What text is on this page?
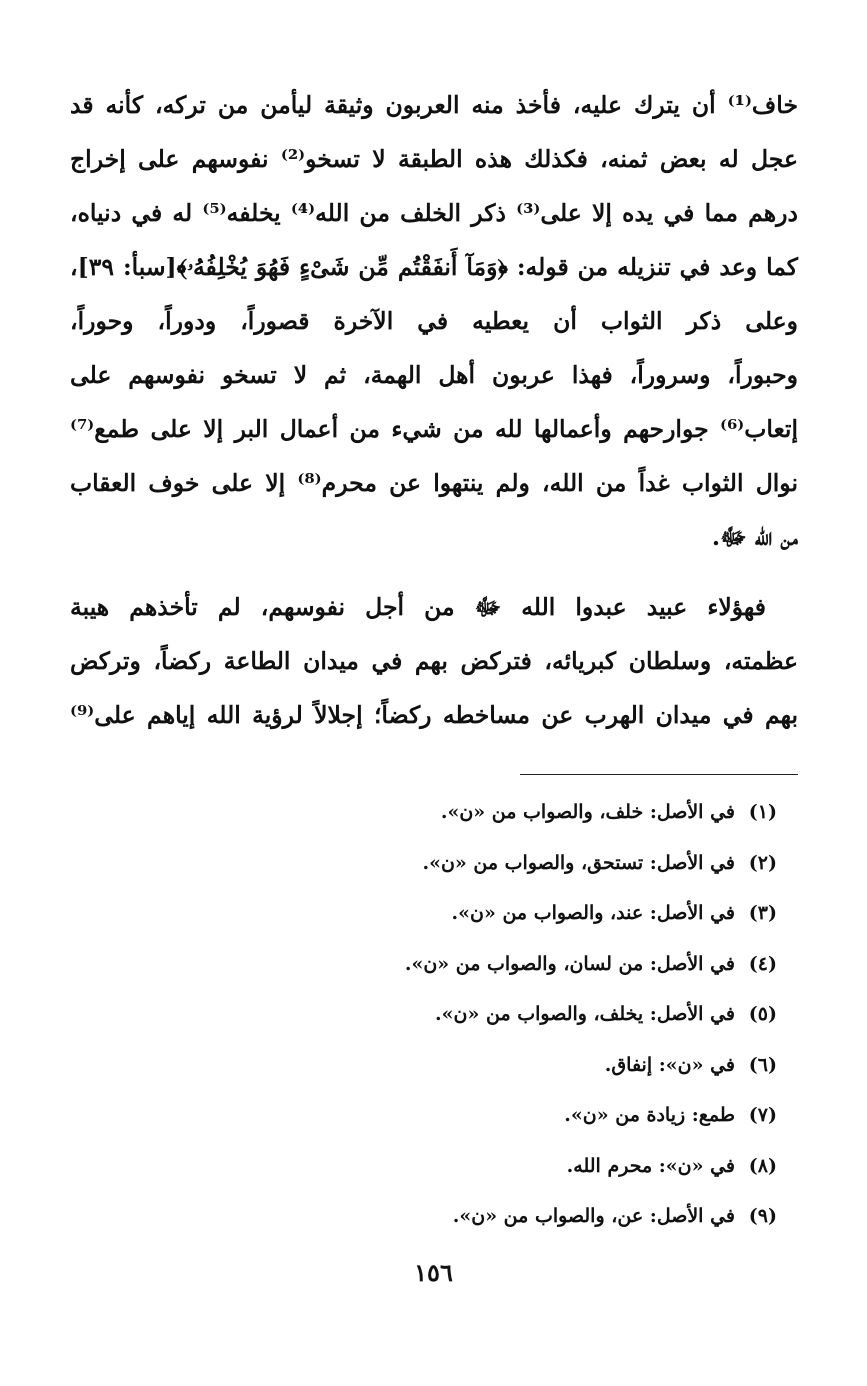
خاف⁽¹⁾ أن يترك عليه، فأخذ منه العربون وثيقة ليأمن من تركه، كأنه قد
عجل له بعض ثمنه، فكذلك هذه الطبقة لا تسخو⁽²⁾ نفوسهم على إخراج
درهم مما في يده إلا على⁽³⁾ ذكر الخلف من الله⁽⁴⁾ يخلفه⁽⁵⁾ له في دنياه،
كما وعد في تنزيله من قوله: ﴿وَمَآ أَنفَقْتُم مِّن شَىْءٍ فَهُوَ يُخْلِفُهُۥ﴾[سبأ: ٣٩]،
وعلى ذكر الثواب أن يعطيه في الآخرة قصوراً، ودوراً، وحوراً،
وحبوراً، وسروراً، فهذا عربون أهل الهمة، ثم لا تسخو نفوسهم على
إتعاب⁽⁶⁾ جوارحهم وأعمالها لله من شيء من أعمال البر إلا على طمع⁽⁷⁾
نوال الثواب غداً من الله، ولم ينتهوا عن محرم⁽⁸⁾ إلا على خوف العقاب
من الله ﷻ.
فهؤلاء عبيد عبدوا الله ﷻ من أجل نفوسهم، لم تأخذهم هيبة
عظمته، وسلطان كبريائه، فتركض بهم في ميدان الطاعة ركضاً، وتركض
بهم في ميدان الهرب عن مساخطه ركضاً؛ إجلالاً لرؤية الله إياهم على⁽⁹⁾
(١)في الأصل: خلف، والصواب من «ن».
(٢)في الأصل: تستحق، والصواب من «ن».
(٣)في الأصل: عند، والصواب من «ن».
(٤)في الأصل: من لسان، والصواب من «ن».
(٥)في الأصل: يخلف، والصواب من «ن».
(٦)في «ن»: إنفاق.
(٧)طمع: زيادة من «ن».
(٨)في «ن»: محرم الله.
(٩)في الأصل: عن، والصواب من «ن».
١٥٦
